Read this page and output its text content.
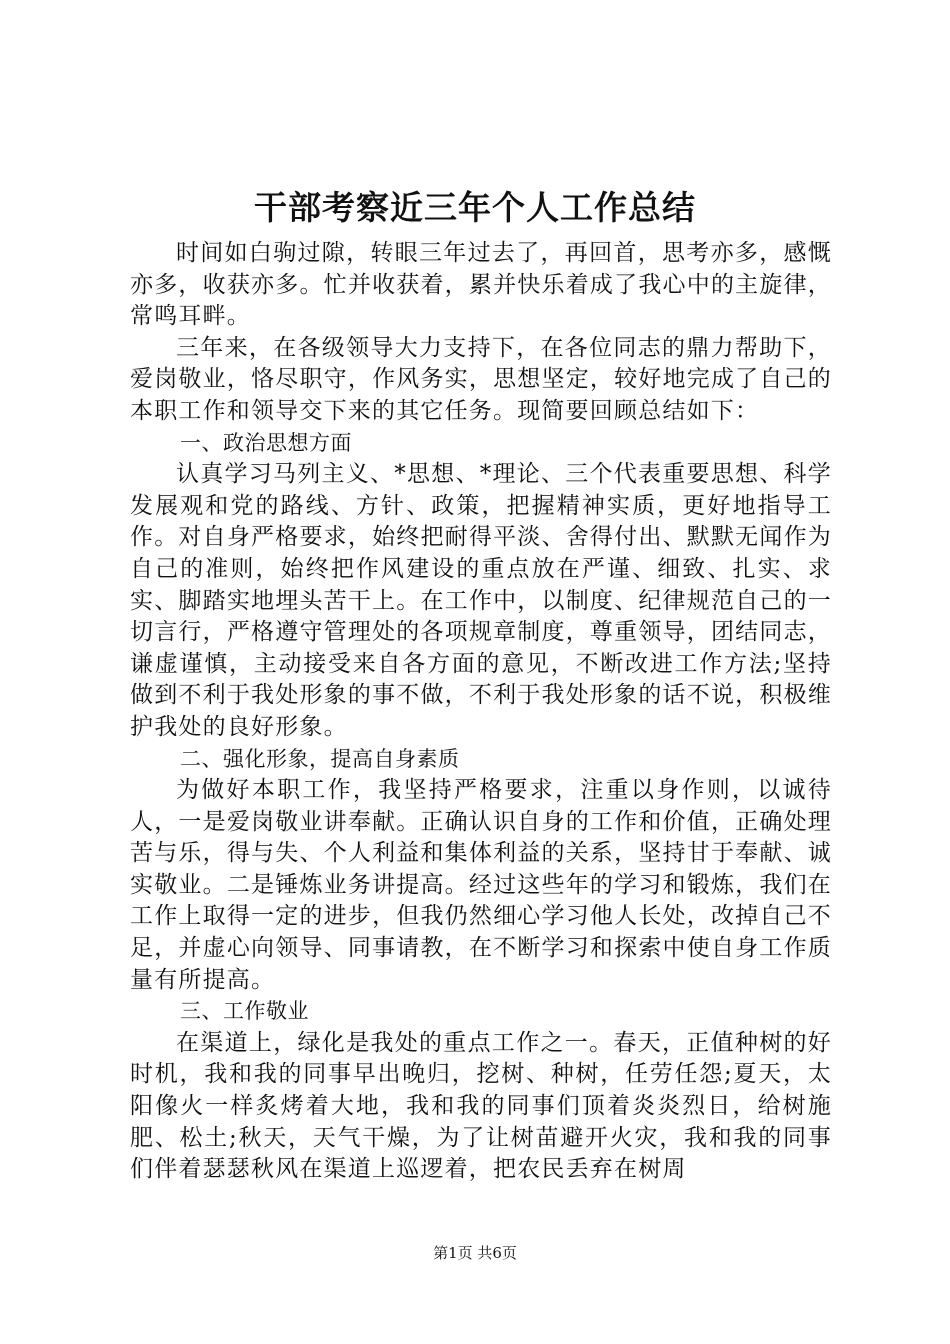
干部考察近三年个人工作总结

时间如白驹过隙，转眼三年过去了，再回首，思考亦多，感慨亦多，收获亦多。忙并收获着，累并快乐着成了我心中的主旋律，常鸣耳畔。

三年来，在各级领导大力支持下，在各位同志的鼎力帮助下，爱岗敬业，恪尽职守，作风务实，思想坚定，较好地完成了自己的本职工作和领导交下来的其它任务。现简要回顾总结如下：

一、政治思想方面

认真学习马列主义、*思想、*理论、三个代表重要思想、科学发展观和党的路线、方针、政策，把握精神实质，更好地指导工作。对自身严格要求，始终把耐得平淡、舍得付出、默默无闻作为自己的准则，始终把作风建设的重点放在严谨、细致、扎实、求实、脚踏实地埋头苦干上。在工作中，以制度、纪律规范自己的一切言行，严格遵守管理处的各项规章制度，尊重领导，团结同志，谦虚谨慎，主动接受来自各方面的意见，不断改进工作方法;坚持做到不利于我处形象的事不做，不利于我处形象的话不说，积极维护我处的良好形象。

二、强化形象，提高自身素质

为做好本职工作，我坚持严格要求，注重以身作则，以诚待人，一是爱岗敬业讲奉献。正确认识自身的工作和价值，正确处理苦与乐，得与失、个人利益和集体利益的关系，坚持甘于奉献、诚实敬业。二是锤炼业务讲提高。经过这些年的学习和锻炼，我们在工作上取得一定的进步，但我仍然细心学习他人长处，改掉自己不足，并虚心向领导、同事请教，在不断学习和探索中使自身工作质量有所提高。

三、工作敬业

在渠道上，绿化是我处的重点工作之一。春天，正值种树的好时机，我和我的同事早出晚归，挖树、种树，任劳任怨;夏天，太阳像火一样炙烤着大地，我和我的同事们顶着炎炎烈日，给树施肥、松土;秋天，天气干燥，为了让树苗避开火灾，我和我的同事们伴着瑟瑟秋风在渠道上巡逻着，把农民丢弃在树周

第1页 共6页
